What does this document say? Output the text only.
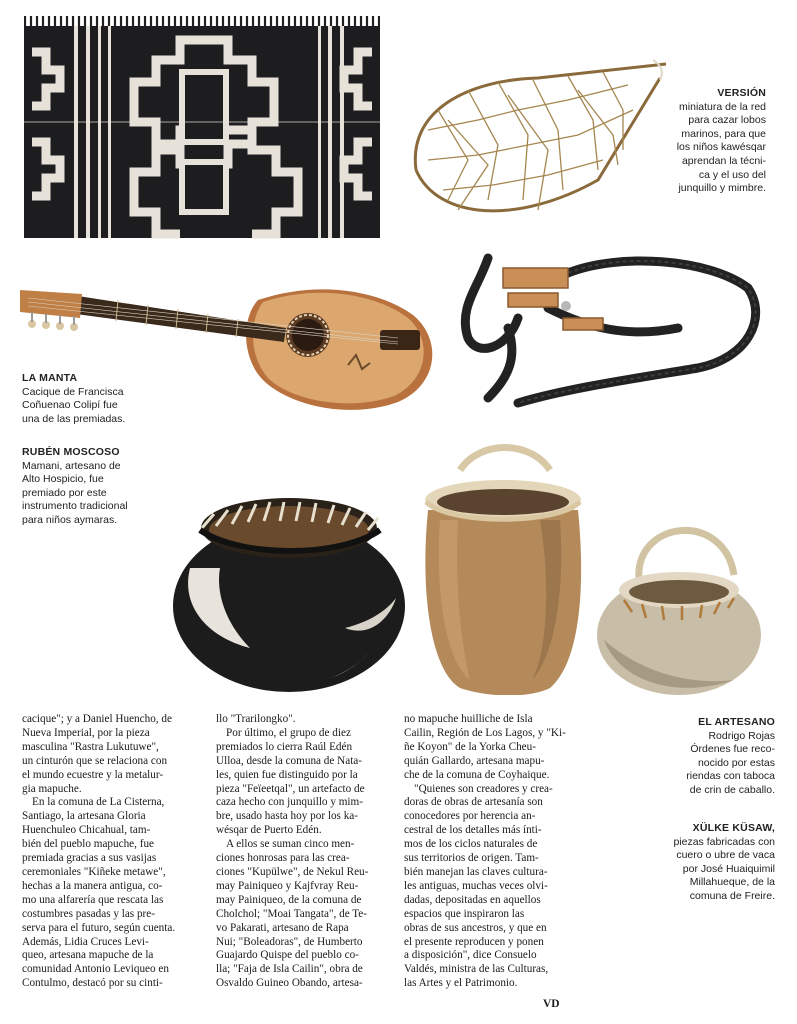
VERSIÓN
miniatura de la red
para cazar lobos
marinos, para que
los niños kawésqar
aprendan la técni-
ca y el uso del
junquillo y mimbre.
LA MANTA
Cacique de Francisca
Coñuenao Colipí fue
una de las premiadas.
RUBÉN MOSCOSO
Mamani, artesano de
Alto Hospicio, fue
premiado por este
instrumento tradicional
para niños aymaras.
EL ARTESANO
Rodrigo Rojas
Órdenes fue reco-
nocido por estas
riendas con taboca
de crin de caballo.
XÜLKE KÜSAW,
piezas fabricadas con
cuero o ubre de vaca
por José Huaiquimil
Millahueque, de la
comuna de Freire.
cacique"; y a Daniel Huencho, de
Nueva Imperial, por la pieza
masculina "Rastra Lukutuwe",
un cinturón que se relaciona con
el mundo ecuestre y la metalur-
gia mapuche.
En la comuna de La Cisterna,
Santiago, la artesana Gloria
Huenchuleo Chicahual, tam-
bién del pueblo mapuche, fue
premiada gracias a sus vasijas
ceremoniales "Kiñeke metawe",
hechas a la manera antigua, co-
mo una alfarería que rescata las
costumbres pasadas y las pre-
serva para el futuro, según cuenta.
Además, Lidia Cruces Levi-
queo, artesana mapuche de la
comunidad Antonio Leviqueo en
Contulmo, destacó por su cinti-
llo "Trarilongko".
Por último, el grupo de diez
premiados lo cierra Raúl Edén
Ulloa, desde la comuna de Nata-
les, quien fue distinguido por la
pieza "Feïeetqal", un artefacto de
caza hecho con junquillo y mim-
bre, usado hasta hoy por los ka-
wésqar de Puerto Edén.
A ellos se suman cinco men-
ciones honrosas para las crea-
ciones "Kupülwe", de Nekul Reu-
may Painiqueo y Kajfvray Reu-
may Painiqueo, de la comuna de
Cholchol; "Moai Tangata", de Te-
vo Pakarati, artesano de Rapa
Nui; "Boleadoras", de Humberto
Guajardo Quispe del pueblo co-
lla; "Faja de Isla Cailin", obra de
Osvaldo Guineo Obando, artesa-
no mapuche huilliche de Isla
Cailin, Región de Los Lagos, y "Ki-
ñe Koyon" de la Yorka Cheu-
quián Gallardo, artesana mapu-
che de la comuna de Coyhaique.
"Quienes son creadores y crea-
doras de obras de artesanía son
conocedores por herencia an-
cestral de los detalles más ínti-
mos de los ciclos naturales de
sus territorios de origen. Tam-
bién manejan las claves cultura-
les antiguas, muchas veces olvi-
dadas, depositadas en aquellos
espacios que inspiraron las
obras de sus ancestros, y que en
el presente reproducen y ponen
a disposición", dice Consuelo
Valdés, ministra de las Culturas,
las Artes y el Patrimonio.
VD
